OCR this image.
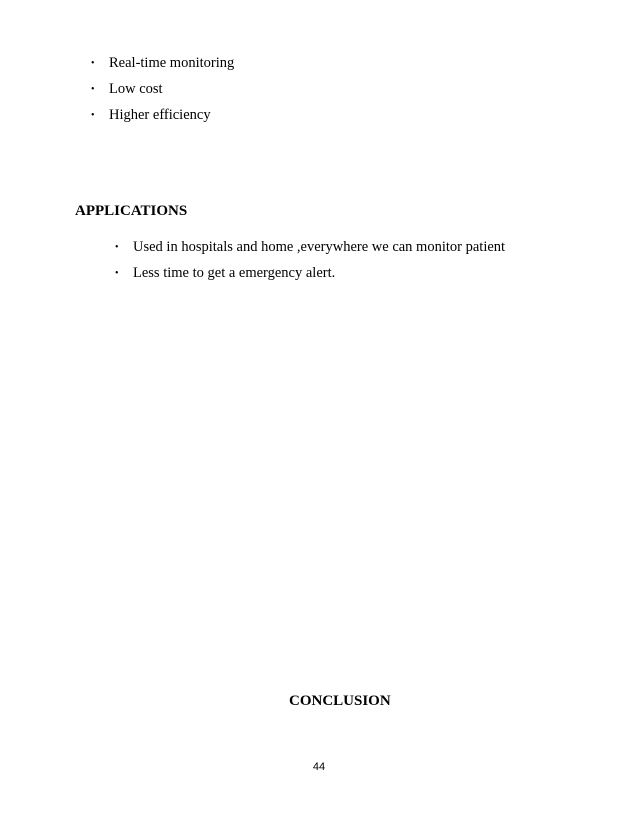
• Real-time monitoring
• Low cost
• Higher efficiency
APPLICATIONS
• Used in hospitals and home ,everywhere we can monitor patient
• Less time to get a emergency alert.
CONCLUSION
44
